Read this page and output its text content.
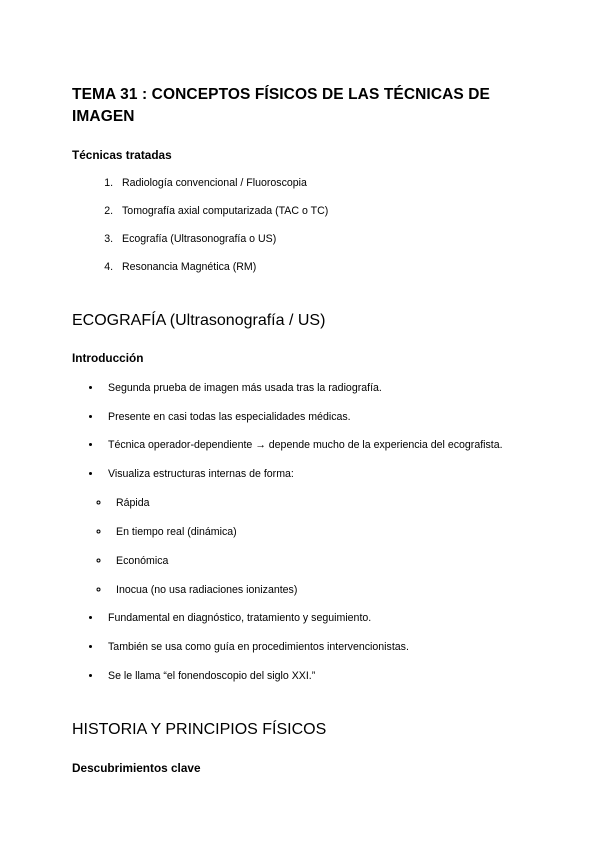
TEMA 31 : CONCEPTOS FÍSICOS DE LAS TÉCNICAS DE IMAGEN
Técnicas tratadas
1. Radiología convencional / Fluoroscopia
2. Tomografía axial computarizada (TAC o TC)
3. Ecografía (Ultrasonografía o US)
4. Resonancia Magnética (RM)
ECOGRAFÍA (Ultrasonografía / US)
Introducción
• Segunda prueba de imagen más usada tras la radiografía.
• Presente en casi todas las especialidades médicas.
• Técnica operador-dependiente → depende mucho de la experiencia del ecografista.
• Visualiza estructuras internas de forma:
◦ Rápida
◦ En tiempo real (dinámica)
◦ Económica
◦ Inocua (no usa radiaciones ionizantes)
• Fundamental en diagnóstico, tratamiento y seguimiento.
• También se usa como guía en procedimientos intervencionistas.
• Se le llama “el fonendoscopio del siglo XXI.”
HISTORIA Y PRINCIPIOS FÍSICOS
Descubrimientos clave
